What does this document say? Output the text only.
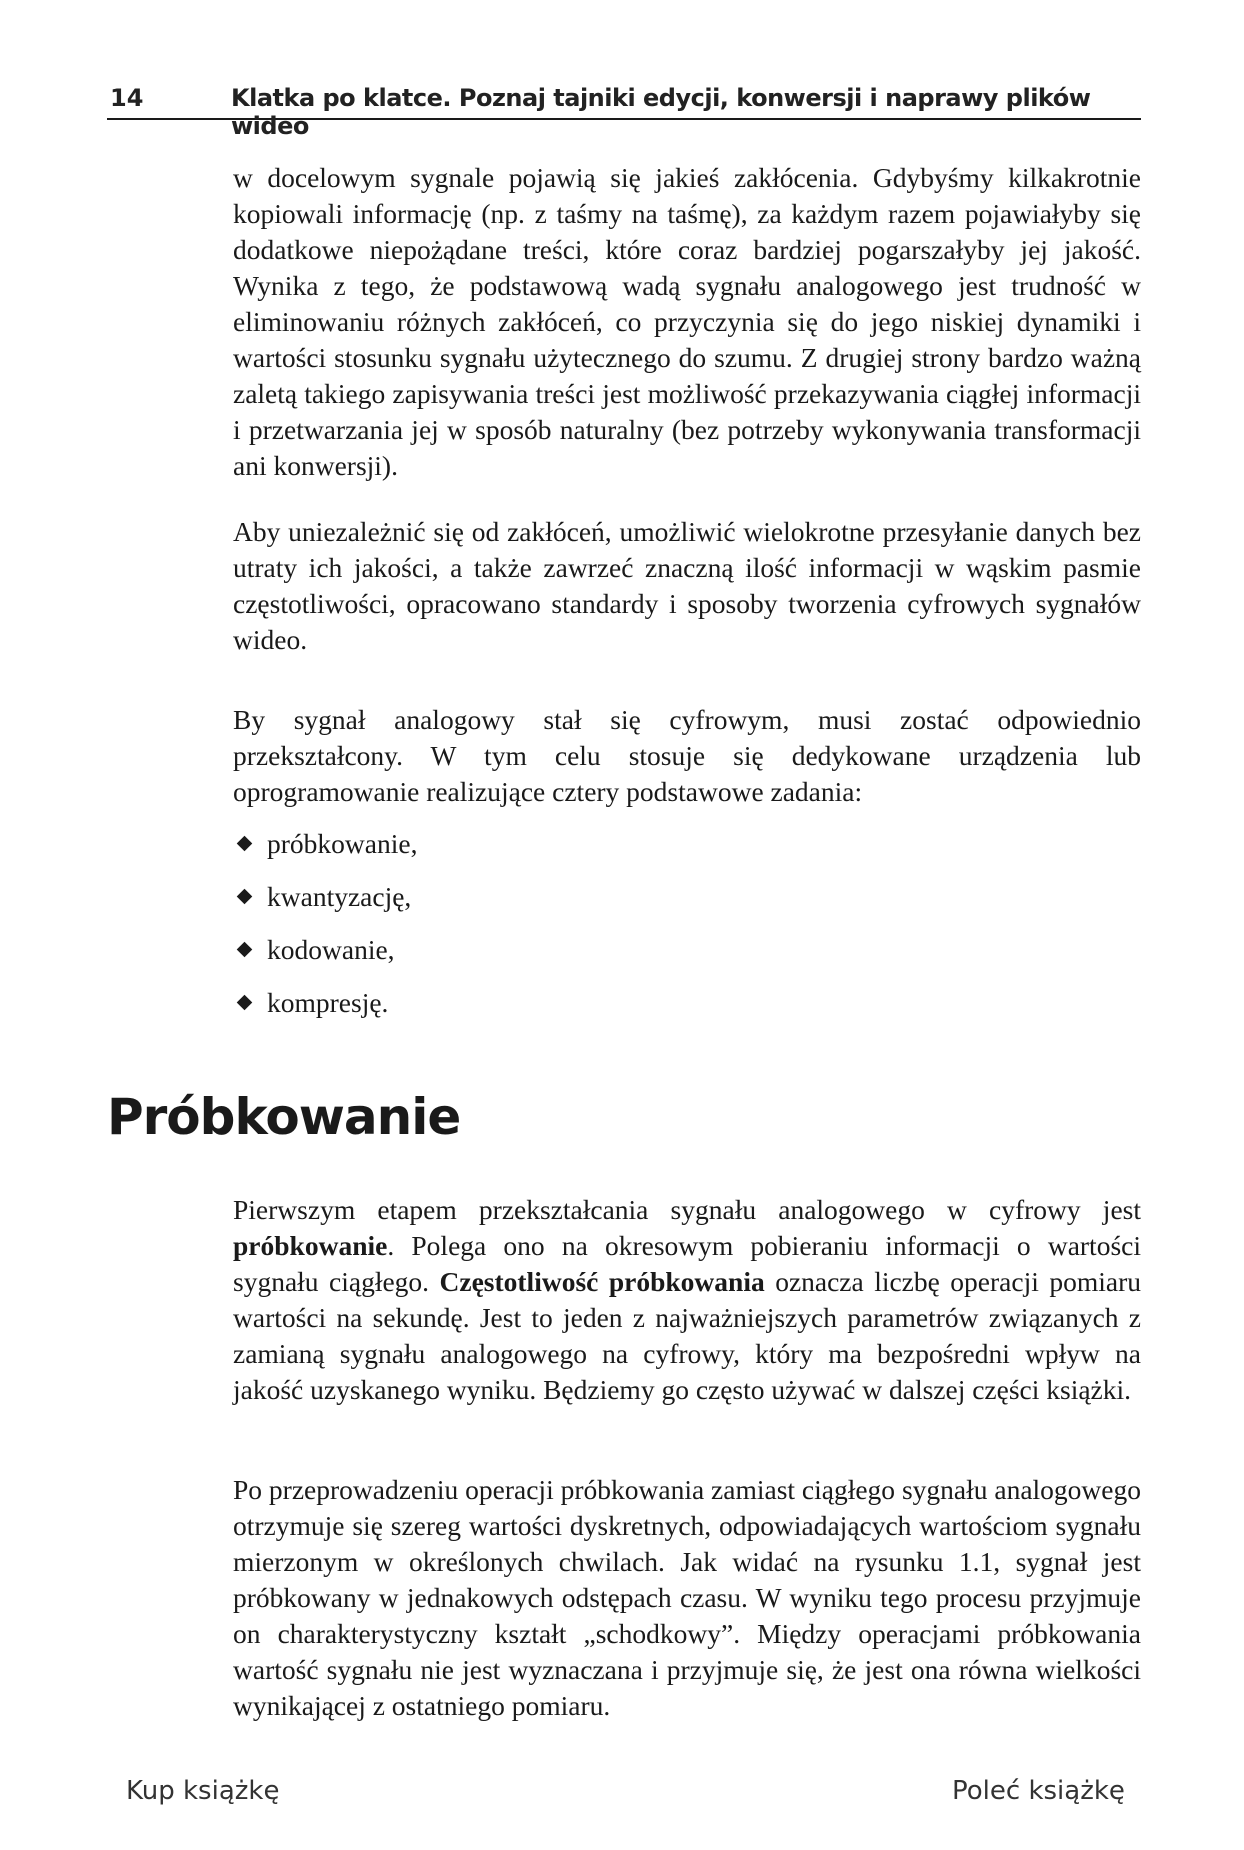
14	Klatka po klatce. Poznaj tajniki edycji, konwersji i naprawy plików wideo

w docelowym sygnale pojawią się jakieś zakłócenia. Gdybyśmy kilkakrotnie kopiowali informację (np. z taśmy na taśmę), za każdym razem pojawiałyby się dodatkowe niepożądane treści, które coraz bardziej pogarszałyby jej jakość. Wynika z tego, że podstawową wadą sygnału analogowego jest trudność w eliminowaniu różnych zakłóceń, co przyczynia się do jego niskiej dynamiki i wartości stosunku sygnału użytecznego do szumu. Z drugiej strony bardzo ważną zaletą takiego zapisywania treści jest możliwość przekazywania ciągłej informacji i przetwarzania jej w sposób naturalny (bez potrzeby wykonywania transformacji ani konwersji).

Aby uniezależnić się od zakłóceń, umożliwić wielokrotne przesyłanie danych bez utraty ich jakości, a także zawrzeć znaczną ilość informacji w wąskim pasmie częstotliwości, opracowano standardy i sposoby tworzenia cyfrowych sygnałów wideo.

By sygnał analogowy stał się cyfrowym, musi zostać odpowiednio przekształcony. W tym celu stosuje się dedykowane urządzenia lub oprogramowanie realizujące cztery podstawowe zadania:

próbkowanie,
kwantyzację,
kodowanie,
kompresję.
Próbkowanie

Pierwszym etapem przekształcania sygnału analogowego w cyfrowy jest próbkowanie. Polega ono na okresowym pobieraniu informacji o wartości sygnału ciągłego. Częstotliwość próbkowania oznacza liczbę operacji pomiaru wartości na sekundę. Jest to jeden z najważniejszych parametrów związanych z zamianą sygnału analogowego na cyfrowy, który ma bezpośredni wpływ na jakość uzyskanego wyniku. Będziemy go często używać w dalszej części książki.

Po przeprowadzeniu operacji próbkowania zamiast ciągłego sygnału analogowego otrzymuje się szereg wartości dyskretnych, odpowiadających wartościom sygnału mierzonym w określonych chwilach. Jak widać na rysunku 1.1, sygnał jest próbkowany w jednakowych odstępach czasu. W wyniku tego procesu przyjmuje on charakterystyczny kształt „schodkowy”. Między operacjami próbkowania wartość sygnału nie jest wyznaczana i przyjmuje się, że jest ona równa wielkości wynikającej z ostatniego pomiaru.

Kup książkę	Poleć książkę
